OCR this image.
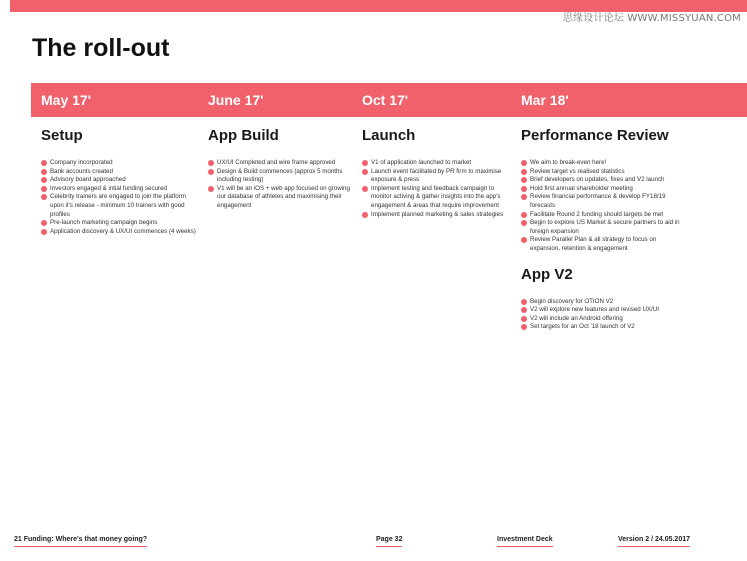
思缘设计论坛 WWW.MISSYUAN.COM
The roll-out
May 17'	June 17'	Oct 17'	Mar 18'
Setup
Company incorporated
Bank accounts created
Advisory board approached
Investors engaged & intial funding secured
Celebrity trainers are engaged to join the platform upon it's release - minimum 10 trainers with good profiles
Pre-launch marketing campaign begins
Application discovery & UX/UI commences (4 weeks)
App Build
UX/UI Completed and wire frame approved
Design & Build commences (approx 5 months including testing)
V1 will be an iOS + web app focused on growing our database of athletes and maximising their engagement
Launch
V1 of application launched to market
Launch event facilitated by PR firm to maximise exposure & press
Implement testing and feedback campaign to monitor activing & gather insights into the app's engagement & areas that require improvement
Implement planned marketing & sales strategies
Performance Review
We aim to break-even here!
Review target vs realised statistics
Brief developers on updates, fixes and V2 launch
Hold first annual shareholder meeting
Review financial performance & develop FY18/19 forecasts
Facilitate Round 2 funding should targets be met
Begin to explore US Market & secure partners to aid in foreign expansion
Review Parallel Plan & all strategy to focus on expansion, retention & engagement
App V2
Begin discovery for OTION V2
V2 will explore new features and revised UX/UI
V2 will include an Android offering
Set targets for an Oct '18 launch of V2
21 Funding: Where's that money going?	Page 32	Investment Deck	Version 2 / 24.05.2017
